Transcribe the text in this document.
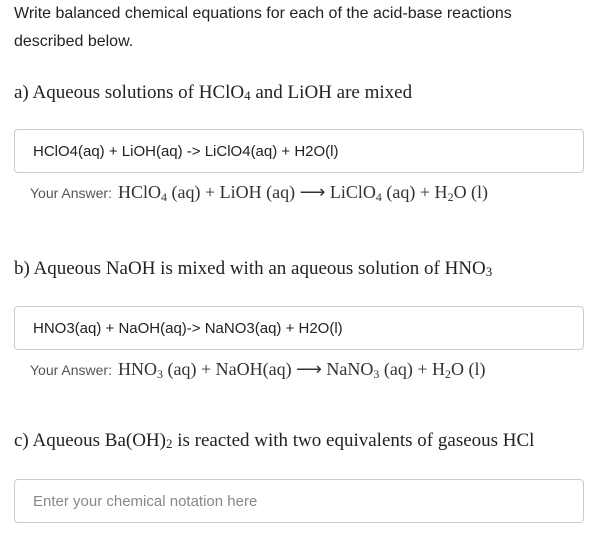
Write balanced chemical equations for each of the acid-base reactions described below.
a) Aqueous solutions of HClO$_4$ and LiOH are mixed
HClO4(aq) + LiOH(aq) -> LiClO4(aq) + H2O(l)
Your Answer: HClO$_4$ (aq) + LiOH (aq) ⟶ LiClO$_4$ $(aq) + H_2O$ (l)
b) Aqueous NaOH is mixed with an aqueous solution of $HNO_3$
HNO3(aq) + NaOH(aq)-> NaNO3(aq) + H2O(l)
Your Answer: $HNO_3$ (aq) + NaOH(aq) ⟶ NaNO$_3$ $(aq) + H_2O$ (l)
c) Aqueous $Ba(OH)_2$ is reacted with two equivalents of gaseous HCl
Enter your chemical notation here
